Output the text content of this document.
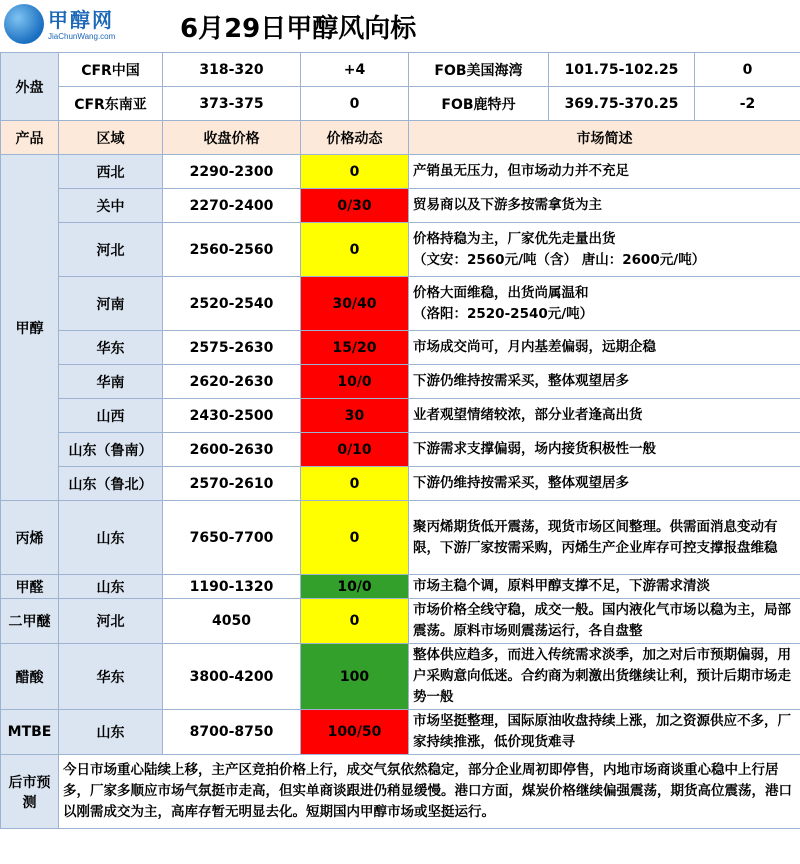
甲醇网
JiaChunWang.com 6月29日甲醇风向标
外盘	CFR中国	318-320	+4	FOB美国海湾	101.75-102.25	0
	CFR东南亚	373-375	0	FOB鹿特丹	369.75-370.25	-2
产品	区域	收盘价格	价格动态	市场简述		
甲醇	西北	2290-2300	0	产销虽无压力，但市场动力并不充足		

	关中	2270-2400	0/30	贸易商以及下游多按需拿货为主		

	河北	2560-2560	0	价格持稳为主，厂家优先走量出货
（文安：2560元/吨（含） 唐山：2600元/吨）		

	河南	2520-2540	30/40	价格大面维稳，出货尚属温和
（洛阳：2520-2540元/吨）		

	华东	2575-2630	15/20	市场成交尚可，月内基差偏弱，远期企稳		

	华南	2620-2630	10/0	下游仍维持按需采买，整体观望居多		

	山西	2430-2500	30	业者观望情绪较浓，部分业者逢高出货		

	山东（鲁南）	2600-2630	0/10	下游需求支撑偏弱，场内接货积极性一般		

	山东（鲁北）	2570-2610	0	下游仍维持按需采买，整体观望居多		

丙烯	山东	7650-7700	0	聚丙烯期货低开震荡，现货市场区间整理。供需面消息变动有限，下游厂家按需采购，丙烯生产企业库存可控支撑报盘维稳		

甲醛	山东	1190-1320	10/0	市场主稳个调，原料甲醇支撑不足，下游需求清淡		

二甲醚	河北	4050	0	市场价格全线守稳，成交一般。国内液化气市场以稳为主，局部震荡。原料市场则震荡运行，各自盘整		

醋酸	华东	3800-4200	100	整体供应趋多，而进入传统需求淡季，加之对后市预期偏弱，用户采购意向低迷。合约商为刺激出货继续让利，预计后期市场走势一般		

MTBE	山东	8700-8750	100/50	市场坚挺整理，国际原油收盘持续上涨，加之资源供应不多，厂家持续推涨，低价现货难寻		

后市预测	今日市场重心陆续上移，主产区竞拍价格上行，成交气氛依然稳定，部分企业周初即停售，内地市场商谈重心稳中上行居多，厂家多顺应市场气氛挺市走高，但实单商谈跟进仍稍显缓慢。港口方面，煤炭价格继续偏强震荡，期货高位震荡，港口以刚需成交为主，高库存暂无明显去化。短期国内甲醇市场或坚挺运行。					
